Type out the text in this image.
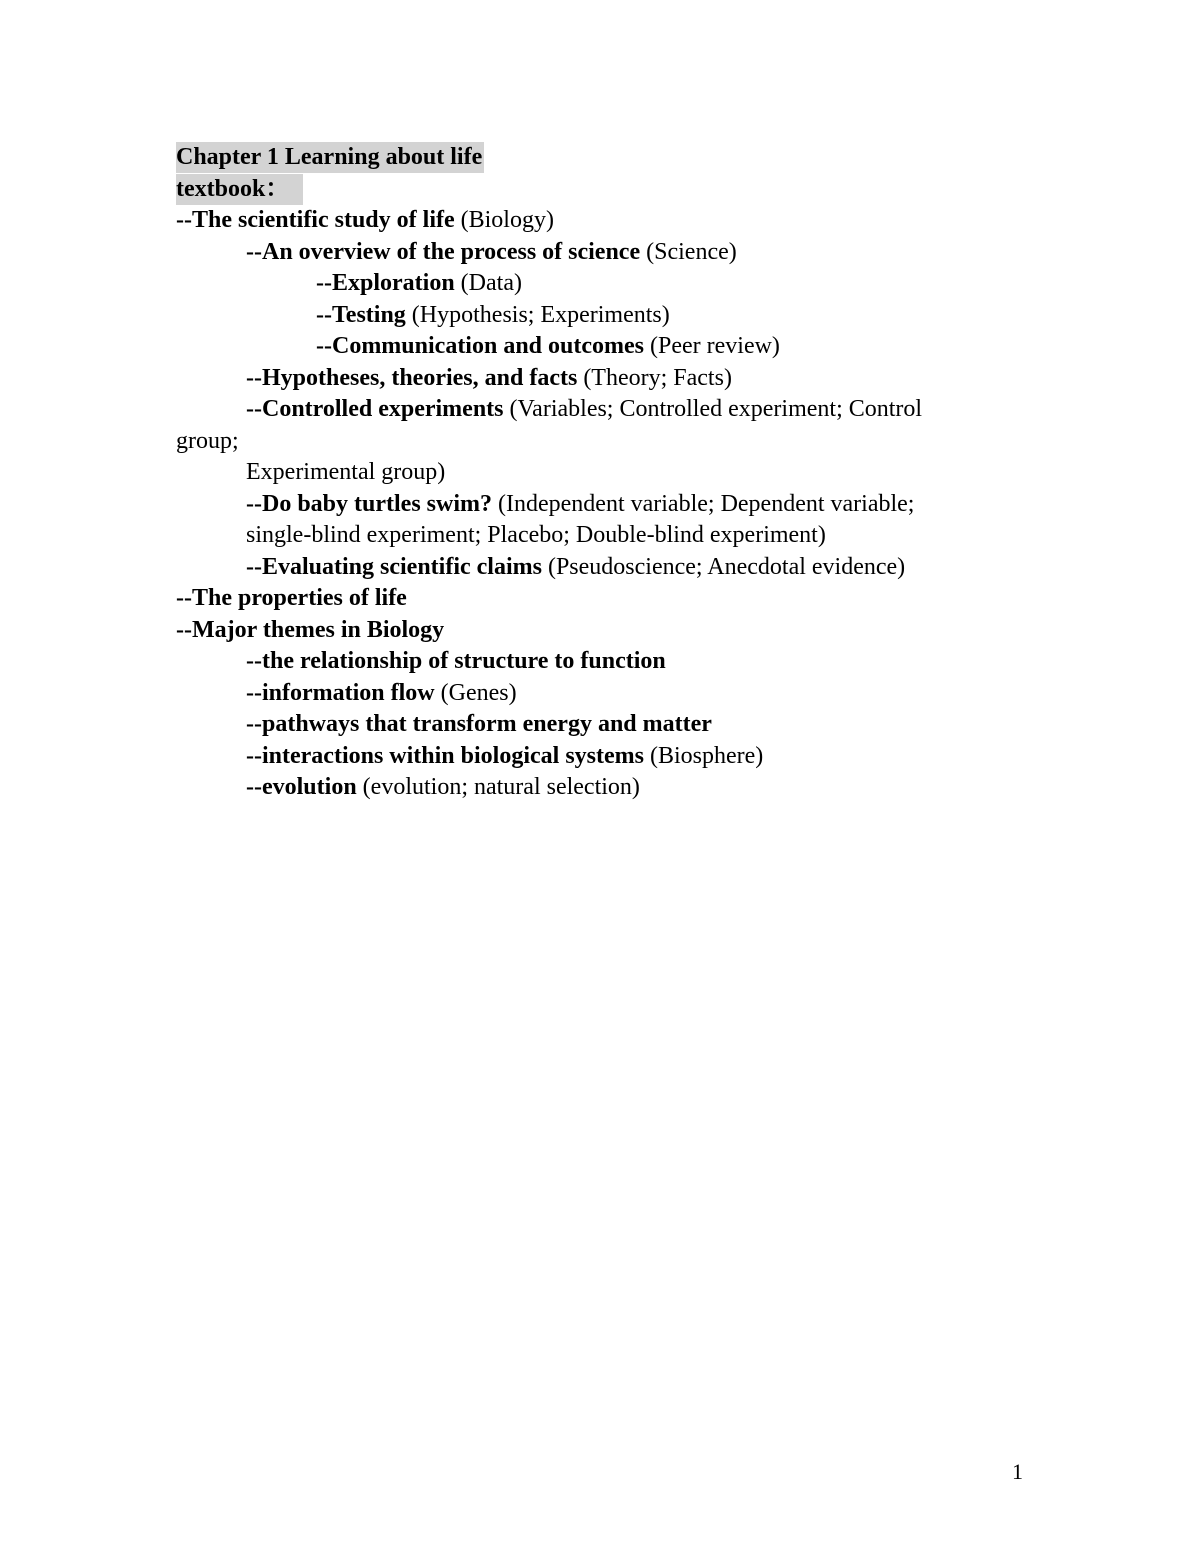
Chapter 1 Learning about life
textbook：
--The scientific study of life (Biology)
--An overview of the process of science (Science)
--Exploration (Data)
--Testing (Hypothesis; Experiments)
--Communication and outcomes (Peer review)
--Hypotheses, theories, and facts (Theory; Facts)
--Controlled experiments (Variables; Controlled experiment; Control
group;
Experimental group)
--Do baby turtles swim? (Independent variable; Dependent variable;
single-blind experiment; Placebo; Double-blind experiment)
--Evaluating scientific claims (Pseudoscience; Anecdotal evidence)
--The properties of life
--Major themes in Biology
--the relationship of structure to function
--information flow (Genes)
--pathways that transform energy and matter
--interactions within biological systems (Biosphere)
--evolution (evolution; natural selection)
1
